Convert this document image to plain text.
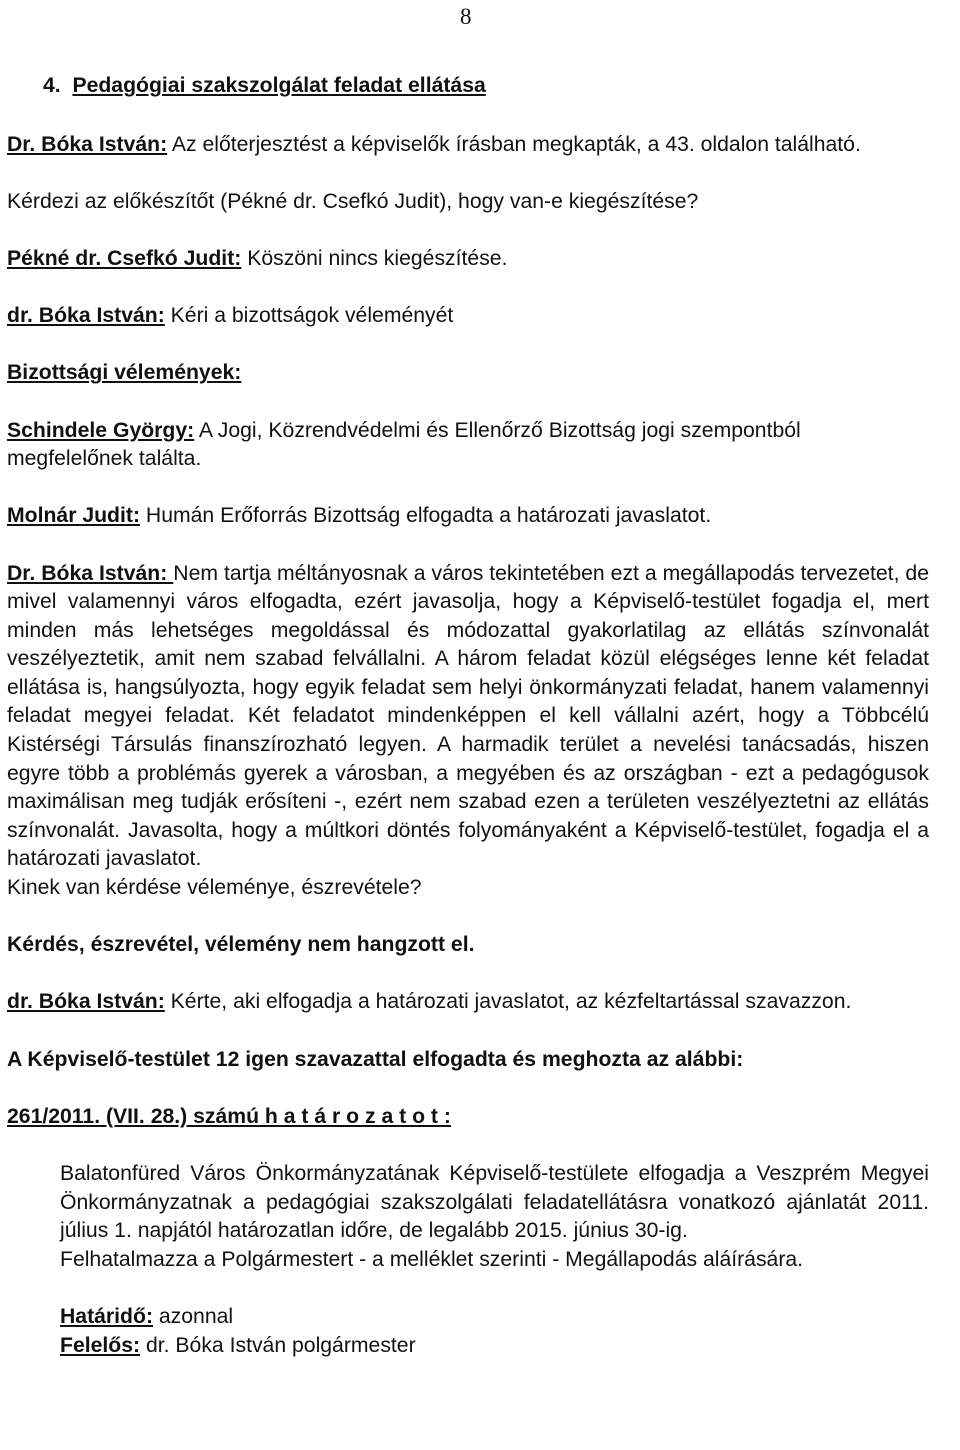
8

4. Pedagógiai szakszolgálat feladat ellátása

Dr. Bóka István: Az előterjesztést a képviselők írásban megkapták, a 43. oldalon található.

Kérdezi az előkészítőt (Pékné dr. Csefkó Judit), hogy van-e kiegészítése?

Pékné dr. Csefkó Judit: Köszöni nincs kiegészítése.

dr. Bóka István: Kéri a bizottságok véleményét

Bizottsági vélemények:

Schindele György: A Jogi, Közrendvédelmi és Ellenőrző Bizottság jogi szempontból megfelelőnek találta.

Molnár Judit: Humán Erőforrás Bizottság elfogadta a határozati javaslatot.

Dr. Bóka István: Nem tartja méltányosnak a város tekintetében ezt a megállapodás tervezetet, de mivel valamennyi város elfogadta, ezért javasolja, hogy a Képviselő-testület fogadja el, mert minden más lehetséges megoldással és módozattal gyakorlatilag az ellátás színvonalát veszélyeztetik, amit nem szabad felvállalni. A három feladat közül elégséges lenne két feladat ellátása is, hangsúlyozta, hogy egyik feladat sem helyi önkormányzati feladat, hanem valamennyi feladat megyei feladat. Két feladatot mindenképpen el kell vállalni azért, hogy a Többcélú Kistérségi Társulás finanszírozható legyen. A harmadik terület a nevelési tanácsadás, hiszen egyre több a problémás gyerek a városban, a megyében és az országban - ezt a pedagógusok maximálisan meg tudják erősíteni -, ezért nem szabad ezen a területen veszélyeztetni az ellátás színvonalát. Javasolta, hogy a múltkori döntés folyományaként a Képviselő-testület, fogadja el a határozati javaslatot.

Kinek van kérdése véleménye, észrevétele?

Kérdés, észrevétel, vélemény nem hangzott el.

dr. Bóka István: Kérte, aki elfogadja a határozati javaslatot, az kézfeltartással szavazzon.

A Képviselő-testület 12 igen szavazattal elfogadta és meghozta az alábbi:

261/2011. (VII. 28.) számú h a t á r o z a t o t :

Balatonfüred Város Önkormányzatának Képviselő-testülete elfogadja a Veszprém Megyei Önkormányzatnak a pedagógiai szakszolgálati feladatellátásra vonatkozó ajánlatát 2011. július 1. napjától határozatlan időre, de legalább 2015. június 30-ig.

Felhatalmazza a Polgármestert - a melléklet szerinti - Megállapodás aláírására.

Határidő: azonnal

Felelős: dr. Bóka István polgármester
